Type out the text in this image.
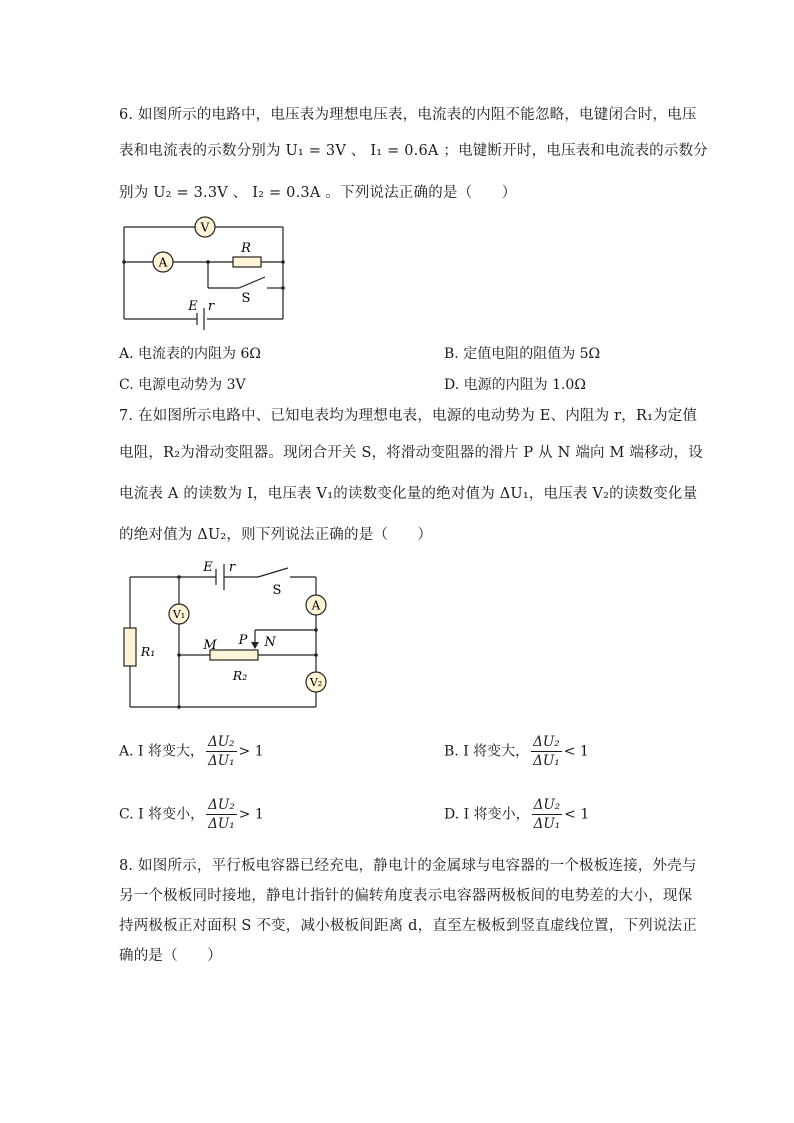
6. 如图所示的电路中，电压表为理想电压表，电流表的内阻不能忽略，电键闭合时，电压
表和电流表的示数分别为 U₁ = 3V 、 I₁ = 0.6A ；电键断开时，电压表和电流表的示数分
别为 U₂ = 3.3V 、 I₂ = 0.3A 。下列说法正确的是（　　）
V
A
R
S
E r
A. 电流表的内阻为 6Ω	B. 定值电阻的阻值为 5Ω
C. 电源电动势为 3V	D. 电源的内阻为 1.0Ω
7. 在如图所示电路中、已知电表均为理想电表，电源的电动势为 E、内阻为 r，R₁为定值
电阻，R₂为滑动变阻器。现闭合开关 S，将滑动变阻器的滑片 P 从 N 端向 M 端移动，设
电流表 A 的读数为 I，电压表 V₁的读数变化量的绝对值为 ΔU₁，电压表 V₂的读数变化量
的绝对值为 ΔU₂，则下列说法正确的是（　　）
V₁
A
V₂
E r
S
R₁
R₂
M	N
P
A. I 将变大， $\frac{\text{ΔU₂}}{\text{ΔU₁}} > 1$	B. I 将变大， $\frac{\text{ΔU₂}}{\text{ΔU₁}} < 1$
C. I 将变小， $\frac{\text{ΔU₂}}{\text{ΔU₁}} > 1$	D. I 将变小， $\frac{\text{ΔU₂}}{\text{ΔU₁}} < 1$
8. 如图所示，平行板电容器已经充电，静电计的金属球与电容器的一个极板连接，外壳与
另一个极板同时接地，静电计指针的偏转角度表示电容器两极板间的电势差的大小，现保
持两极板正对面积 S 不变，减小极板间距离 d，直至左极板到竖直虚线位置，下列说法正
确的是（　　）
